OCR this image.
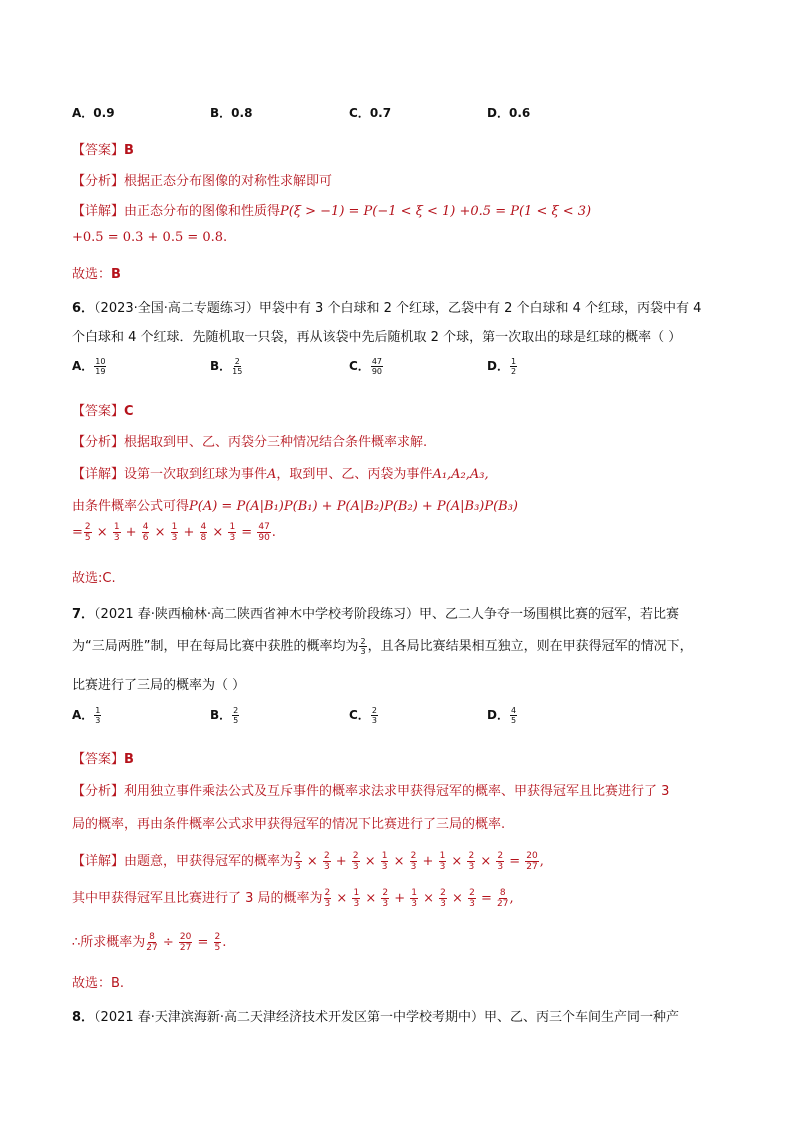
A．0.9	B．0.8	C．0.7	D．0.6
【答案】B
【分析】根据正态分布图像的对称性求解即可
【详解】由正态分布的图像和性质得P(ξ > −1) = P(−1 < ξ < 1) +0.5 = P(1 < ξ < 3)
+0.5 = 0.3 + 0.5 = 0.8.
故选：B
6．（2023·全国·高二专题练习）甲袋中有 3 个白球和 2 个红球，乙袋中有 2 个白球和 4 个红球，丙袋中有 4
个白球和 4 个红球．先随机取一只袋，再从该袋中先后随机取 2 个球，第一次取出的球是红球的概率（ ）
A． $\frac{10}{19}$	B． $\frac{2}{15}$	C． $\frac{47}{90}$	D． $\frac{1}{2}$
【答案】C
【分析】根据取到甲、乙、丙袋分三种情况结合条件概率求解.
【详解】设第一次取到红球为事件A，取到甲、乙、丙袋为事件A₁,A₂,A₃,
由条件概率公式可得P(A) = P(A|B₁)P(B₁) + P(A|B₂)P(B₂) + P(A|B₃)P(B₃)
= $\frac{2}{5} \times \frac{1}{3} + \frac{4}{6} \times \frac{1}{3} + \frac{4}{8} \times \frac{1}{3} = \frac{47}{90}$ .
故选:C.
7．（2021 春·陕西榆林·高二陕西省神木中学校考阶段练习）甲、乙二人争夺一场围棋比赛的冠军，若比赛
为“三局两胜”制，甲在每局比赛中获胜的概率均为 $\frac{2}{3}$ ，且各局比赛结果相互独立，则在甲获得冠军的情况下，
比赛进行了三局的概率为（ ）
A． $\frac{1}{3}$	B． $\frac{2}{5}$	C． $\frac{2}{3}$	D． $\frac{4}{5}$
【答案】B
【分析】利用独立事件乘法公式及互斥事件的概率求法求甲获得冠军的概率、甲获得冠军且比赛进行了 3
局的概率，再由条件概率公式求甲获得冠军的情况下比赛进行了三局的概率.
【详解】由题意，甲获得冠军的概率为 $\frac{2}{3} \times \frac{2}{3} + \frac{2}{3} \times \frac{1}{3} \times \frac{2}{3} + \frac{1}{3} \times \frac{2}{3} \times \frac{2}{3} = \frac{20}{27}$ ,
其中甲获得冠军且比赛进行了 3 局的概率为 $\frac{2}{3} \times \frac{1}{3} \times \frac{2}{3} + \frac{1}{3} \times \frac{2}{3} \times \frac{2}{3} = \frac{8}{27}$ ,
∴所求概率为 $\frac{8}{27} \div \frac{20}{27} = \frac{2}{5}$ .
故选：B.
8．（2021 春·天津滨海新·高二天津经济技术开发区第一中学校考期中）甲、乙、丙三个车间生产同一种产
